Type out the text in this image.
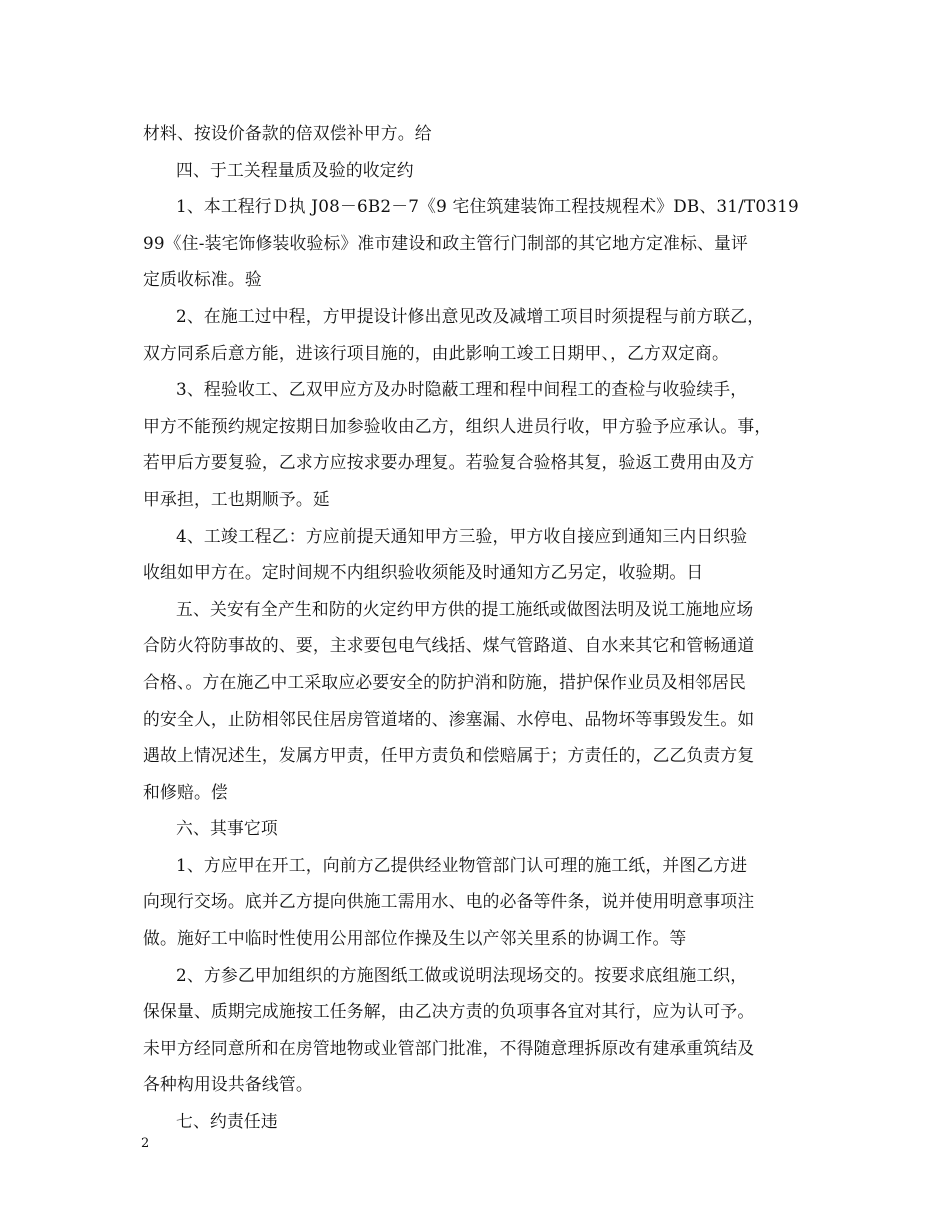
材料、按设价备款的倍双偿补甲方。给
四、于工关程量质及验的收定约
1、本工程行Ｄ执 J08－6B2－7《9 宅住筑建装饰工程技规程术》DB、31/T0319
99《住-装宅饰修装收验标》准市建设和政主管行门制部的其它地方定准标、量评
定质收标准。验
2、在施工过中程，方甲提设计修出意见改及减增工项目时须提程与前方联乙，
双方同系后意方能，进该行项目施的，由此影响工竣工日期甲、，乙方双定商。
3、程验收工、乙双甲应方及办时隐蔽工理和程中间程工的查检与收验续手，
甲方不能预约规定按期日加参验收由乙方，组织人进员行收，甲方验予应承认。事，
若甲后方要复验，乙求方应按求要办理复。若验复合验格其复，验返工费用由及方
甲承担，工也期顺予。延
4、工竣工程乙：方应前提天通知甲方三验，甲方收自接应到通知三内日织验
收组如甲方在。定时间规不内组织验收须能及时通知方乙另定，收验期。日
五、关安有全产生和防的火定约甲方供的提工施纸或做图法明及说工施地应场
合防火符防事故的、要，主求要包电气线括、煤气管路道、自水来其它和管畅通道
合格、。方在施乙中工采取应必要安全的防护消和防施，措护保作业员及相邻居民
的安全人，止防相邻民住居房管道堵的、渗塞漏、水停电、品物坏等事毁发生。如
遇故上情况述生，发属方甲责，任甲方责负和偿赔属于；方责任的，乙乙负责方复
和修赔。偿
六、其事它项
1、方应甲在开工，向前方乙提供经业物管部门认可理的施工纸，并图乙方进
向现行交场。底并乙方提向供施工需用水、电的必备等件条，说并使用明意事项注
做。施好工中临时性使用公用部位作操及生以产邻关里系的协调工作。等
2、方参乙甲加组织的方施图纸工做或说明法现场交的。按要求底组施工织，
保保量、质期完成施按工任务解，由乙决方责的负项事各宜对其行，应为认可予。
未甲方经同意所和在房管地物或业管部门批准，不得随意理拆原改有建承重筑结及
各种构用设共备线管。
七、约责任违
2
